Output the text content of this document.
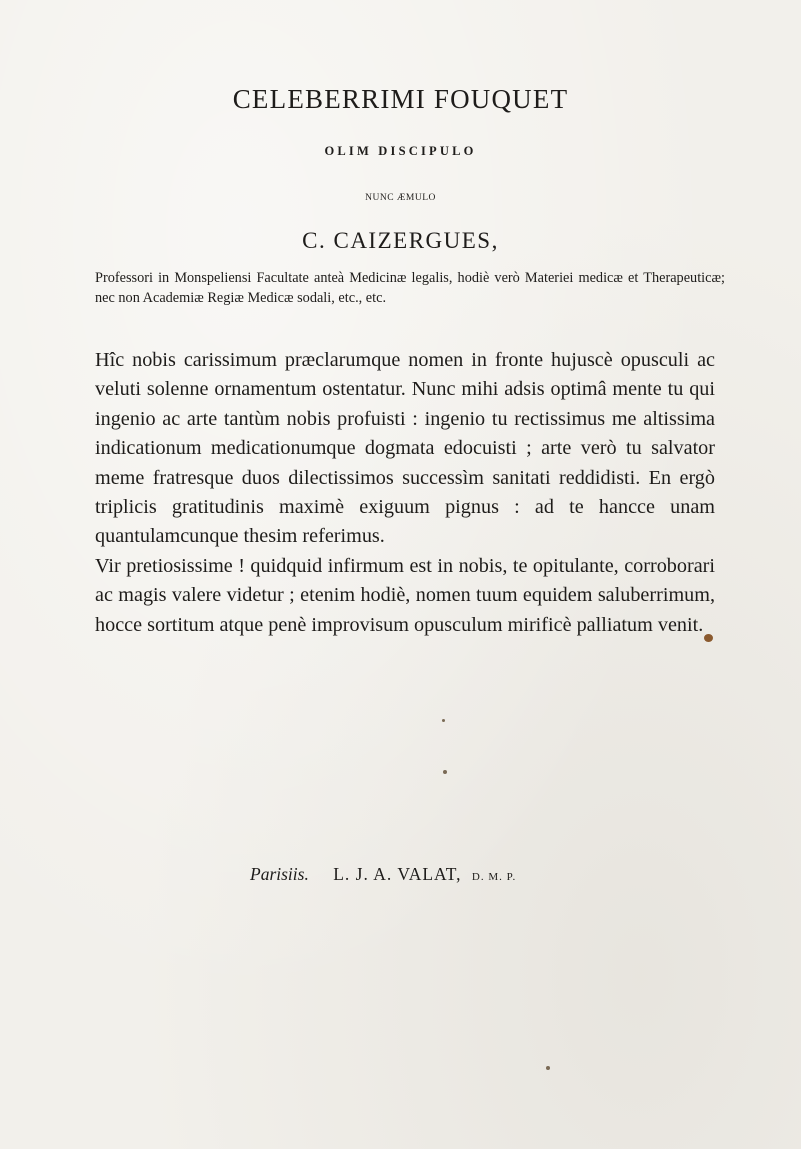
CELEBERRIMI FOUQUET
OLIM DISCIPULO
NUNC ÆMULO
C. CAIZERGUES,
Professori in Monspeliensi Facultate anteà Medicinæ legalis, hodiè verò Materiei medicæ et Therapeuticæ; nec non Academiæ Regiæ Medicæ sodali, etc., etc.

Hîc nobis carissimum præclarumque nomen in fronte hujuscè opusculi ac veluti solenne ornamentum ostentatur. Nunc mihi adsis optimâ mente tu qui ingenio ac arte tantùm nobis profuisti : ingenio tu rectissimus me altissima indicationum medicationumque dogmata edocuisti ; arte verò tu salvator meme fratresque duos dilectissimos successìm sanitati reddidisti. En ergò triplicis gratitudinis maximè exiguum pignus : ad te hancce unam quantulamcunque thesim referimus.

Vir pretiosissime ! quidquid infirmum est in nobis, te opitulante, corroborari ac magis valere videtur ; etenim hodiè, nomen tuum equidem saluberrimum, hocce sortitum atque penè improvisum opusculum mirificè palliatum venit.

Parisiis. L. J. A. VALAT, D. M. P.
